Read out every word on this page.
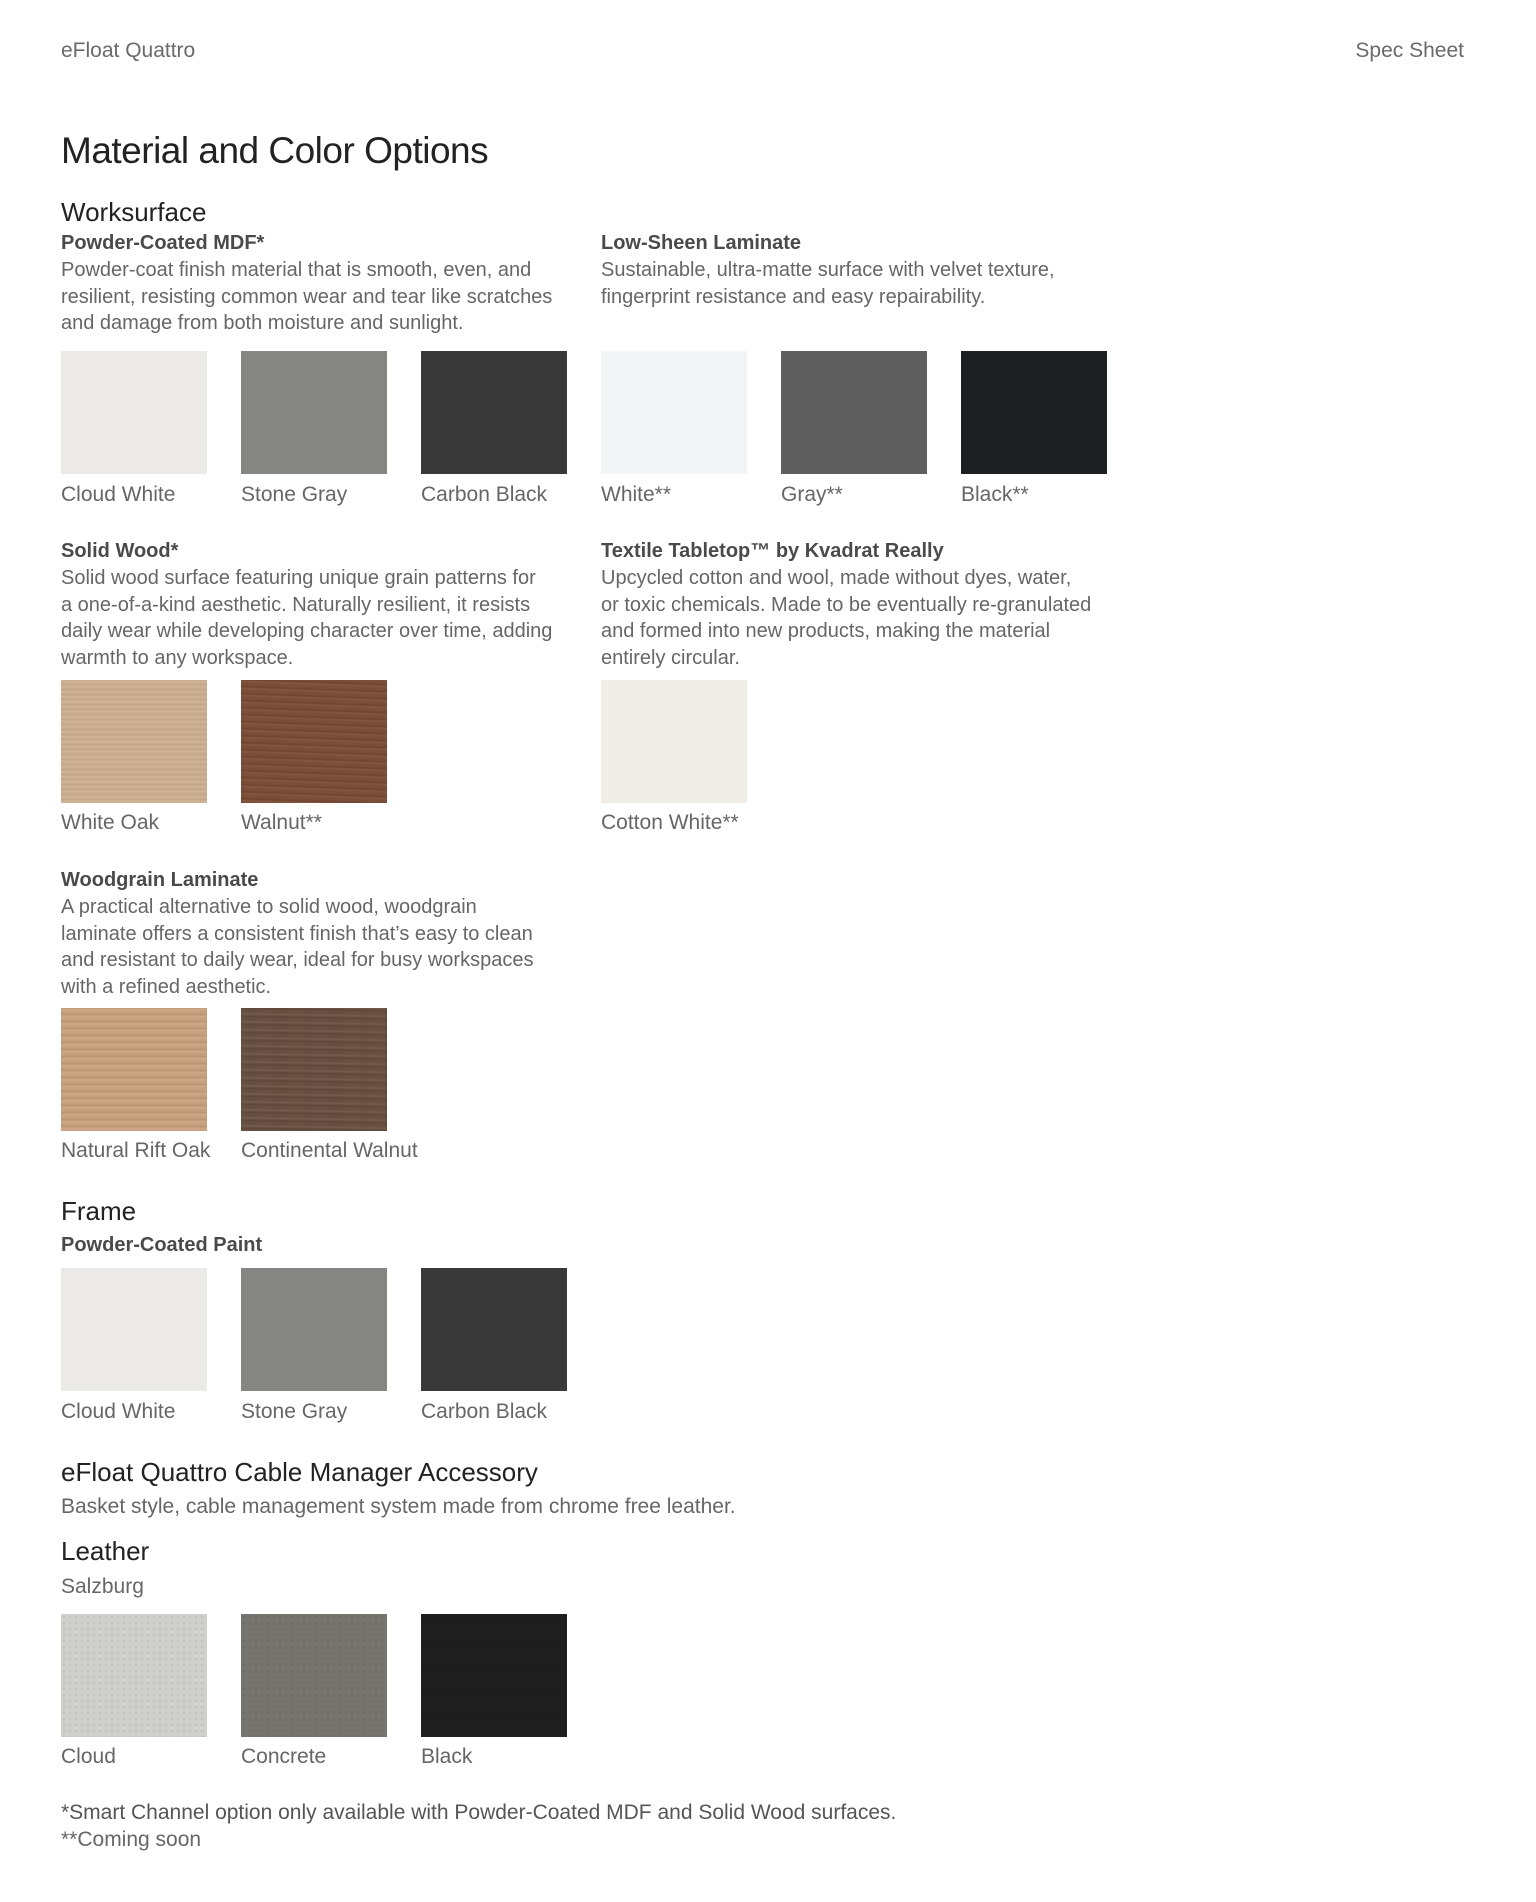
eFloat Quattro	Spec Sheet
Material and Color Options
Worksurface
Powder-Coated MDF*
Powder-coat finish material that is smooth, even, and
resilient, resisting common wear and tear like scratches
and damage from both moisture and sunlight.
Cloud White	Stone Gray	Carbon Black
Low-Sheen Laminate
Sustainable, ultra-matte surface with velvet texture,
fingerprint resistance and easy repairability.
White**	Gray**	Black**
Solid Wood*
Solid wood surface featuring unique grain patterns for
a one-of-a-kind aesthetic. Naturally resilient, it resists
daily wear while developing character over time, adding
warmth to any workspace.
White Oak	Walnut**
Textile Tabletop™ by Kvadrat Really
Upcycled cotton and wool, made without dyes, water,
or toxic chemicals. Made to be eventually re-granulated
and formed into new products, making the material
entirely circular.
Cotton White**
Woodgrain Laminate
A practical alternative to solid wood, woodgrain
laminate offers a consistent finish that’s easy to clean
and resistant to daily wear, ideal for busy workspaces
with a refined aesthetic.
Natural Rift Oak Continental Walnut
Frame
Powder-Coated Paint
Cloud White	Stone Gray	Carbon Black
eFloat Quattro Cable Manager Accessory
Basket style, cable management system made from chrome free leather.
Leather
Salzburg
Cloud	Concrete	Black
*Smart Channel option only available with Powder-Coated MDF and Solid Wood surfaces.
**Coming soon
